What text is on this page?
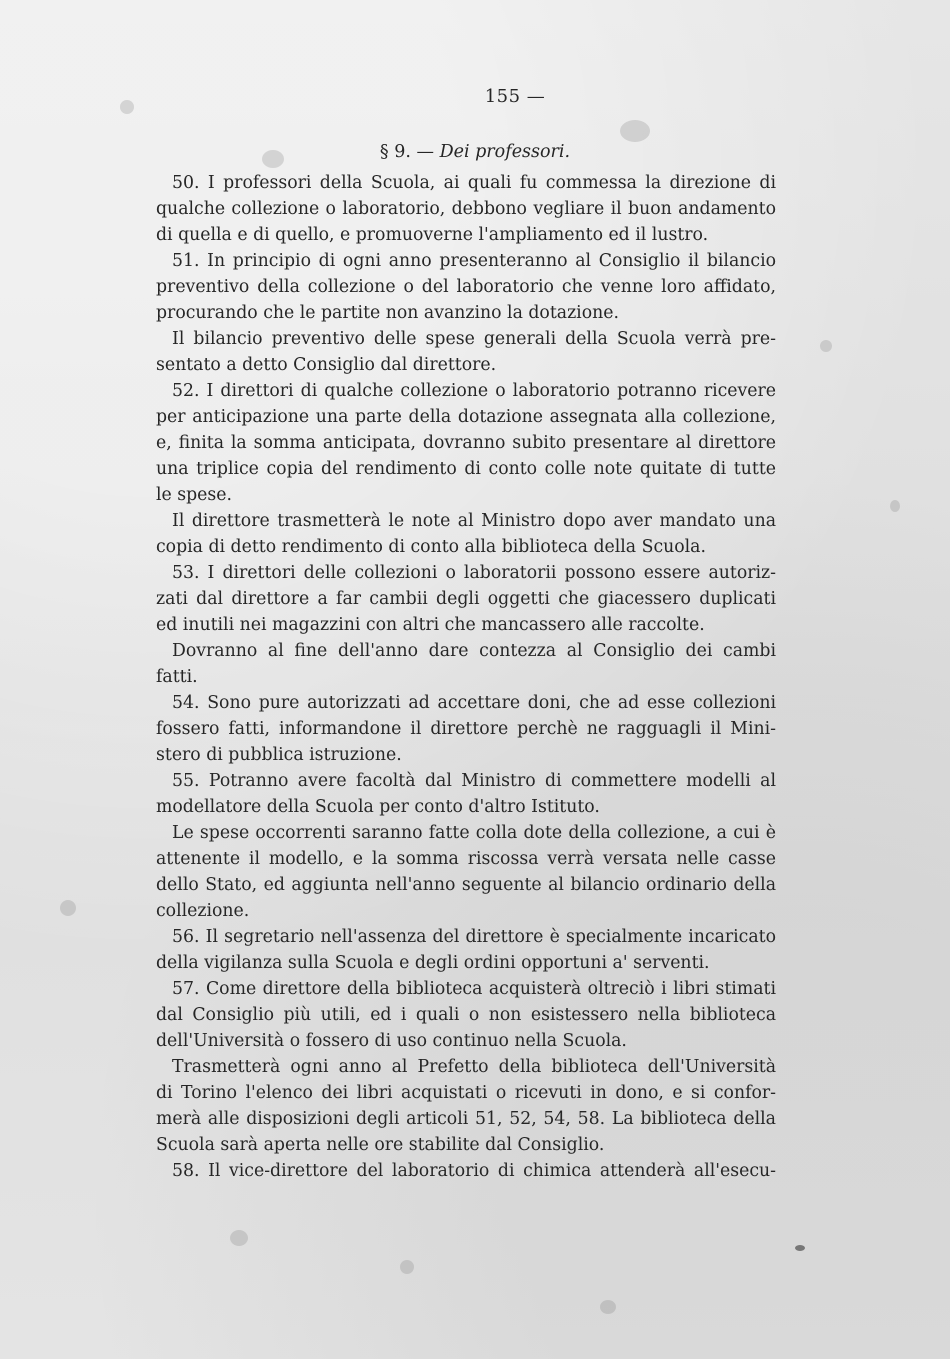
155 —
§ 9. — Dei professori.
50. I professori della Scuola, ai quali fu commessa la direzione di
qualche collezione o laboratorio, debbono vegliare il buon andamento
di quella e di quello, e promuoverne l'ampliamento ed il lustro.
51. In principio di ogni anno presenteranno al Consiglio il bilancio
preventivo della collezione o del laboratorio che venne loro affidato,
procurando che le partite non avanzino la dotazione.
Il bilancio preventivo delle spese generali della Scuola verrà pre-
sentato a detto Consiglio dal direttore.
52. I direttori di qualche collezione o laboratorio potranno ricevere
per anticipazione una parte della dotazione assegnata alla collezione,
e, finita la somma anticipata, dovranno subito presentare al direttore
una triplice copia del rendimento di conto colle note quitate di tutte
le spese.
Il direttore trasmetterà le note al Ministro dopo aver mandato una
copia di detto rendimento di conto alla biblioteca della Scuola.
53. I direttori delle collezioni o laboratorii possono essere autoriz-
zati dal direttore a far cambii degli oggetti che giacessero duplicati
ed inutili nei magazzini con altri che mancassero alle raccolte.
Dovranno al fine dell'anno dare contezza al Consiglio dei cambi
fatti.
54. Sono pure autorizzati ad accettare doni, che ad esse collezioni
fossero fatti, informandone il direttore perchè ne ragguagli il Mini-
stero di pubblica istruzione.
55. Potranno avere facoltà dal Ministro di commettere modelli al
modellatore della Scuola per conto d'altro Istituto.
Le spese occorrenti saranno fatte colla dote della collezione, a cui è
attenente il modello, e la somma riscossa verrà versata nelle casse
dello Stato, ed aggiunta nell'anno seguente al bilancio ordinario della
collezione.
56. Il segretario nell'assenza del direttore è specialmente incaricato
della vigilanza sulla Scuola e degli ordini opportuni a' serventi.
57. Come direttore della biblioteca acquisterà oltreciò i libri stimati
dal Consiglio più utili, ed i quali o non esistessero nella biblioteca
dell'Università o fossero di uso continuo nella Scuola.
Trasmetterà ogni anno al Prefetto della biblioteca dell'Università
di Torino l'elenco dei libri acquistati o ricevuti in dono, e si confor-
merà alle disposizioni degli articoli 51, 52, 54, 58. La biblioteca della
Scuola sarà aperta nelle ore stabilite dal Consiglio.
58. Il vice-direttore del laboratorio di chimica attenderà all'esecu-
